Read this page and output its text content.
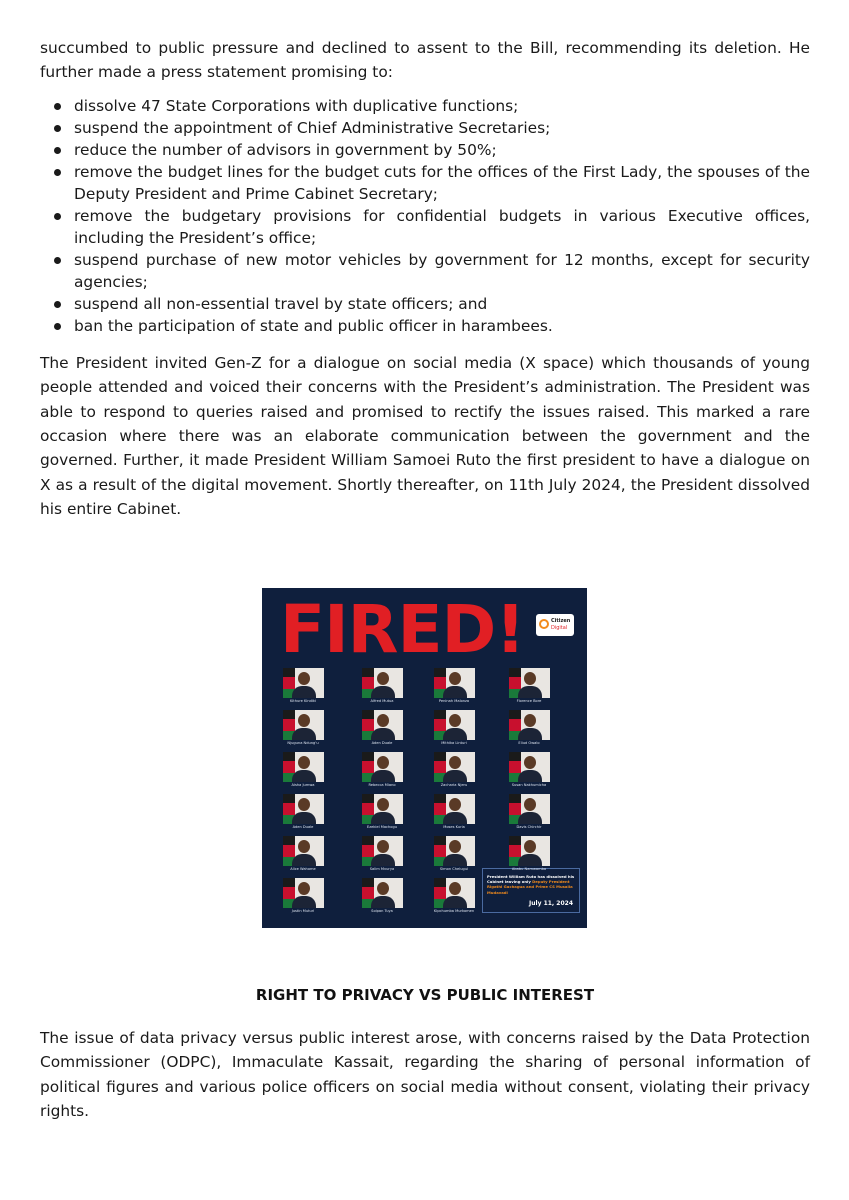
succumbed to public pressure and declined to assent to the Bill, recommending its deletion. He further made a press statement promising to:

dissolve 47 State Corporations with duplicative functions;
suspend the appointment of Chief Administrative Secretaries;
reduce the number of advisors in government by 50%;
remove the budget lines for the budget cuts for the offices of the First Lady, the spouses of the Deputy President and Prime Cabinet Secretary;
remove the budgetary provisions for confidential budgets in various Executive offices, including the President’s office;
suspend purchase of new motor vehicles by government for 12 months, except for security agencies;
suspend all non-essential travel by state officers; and
ban the participation of state and public officer in harambees.

The President invited Gen-Z for a dialogue on social media (X space) which thousands of young people attended and voiced their concerns with the President’s administration. The President was able to respond to queries raised and promised to rectify the issues raised. This marked a rare occasion where there was an elaborate communication between the government and the governed. Further, it made President William Samoei Ruto the first president to have a dialogue on X as a result of the digital movement. Shortly thereafter, on 11th July 2024, the President dissolved his entire Cabinet.

FIRED!	Citizen
Digital
President William Ruto has dissolved his Cabinet leaving only Deputy President Rigathi Gachagua and Prime CS Musalia Mudavadi
July 11, 2024
Kithure Kindiki	Alfred Mutua	Peninah Malonza	Florence Bore
Njuguna Ndung'u	Aden Duale	Mithika Linturi	Eliud Owalo
Aisha Jumwa	Rebecca Miano	Zacharia Njeru	Susan Nakhumicha
Aden Duale	Ezekiel Machogu	Moses Kuria	Davis Chirchir
Alice Wahome	Salim Mvurya	Simon Chelugui	Ababu Namwamba
Justin Muturi	Soipan Tuya	Kipchumba Murkomen
RIGHT TO PRIVACY VS PUBLIC INTEREST

The issue of data privacy versus public interest arose, with concerns raised by the Data Protection Commissioner (ODPC), Immaculate Kassait, regarding the sharing of personal information of political figures and various police officers on social media without consent, violating their privacy rights.
